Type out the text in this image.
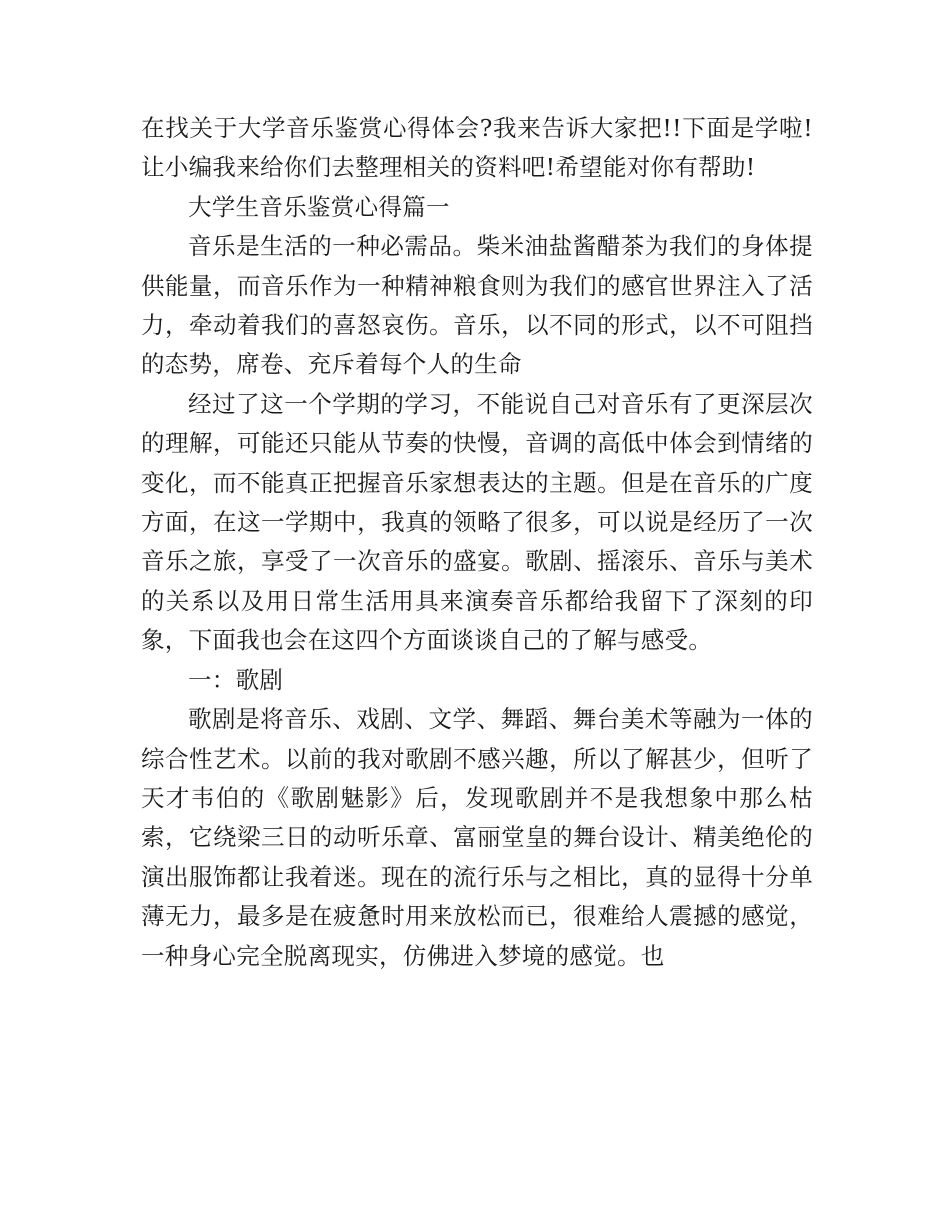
在找关于大学音乐鉴赏心得体会?我来告诉大家把!!下面是学啦!让小编我来给你们去整理相关的资料吧!希望能对你有帮助!

大学生音乐鉴赏心得篇一

音乐是生活的一种必需品。柴米油盐酱醋茶为我们的身体提供能量，而音乐作为一种精神粮食则为我们的感官世界注入了活力，牵动着我们的喜怒哀伤。音乐，以不同的形式，以不可阻挡的态势，席卷、充斥着每个人的生命

经过了这一个学期的学习，不能说自己对音乐有了更深层次的理解，可能还只能从节奏的快慢，音调的高低中体会到情绪的变化，而不能真正把握音乐家想表达的主题。但是在音乐的广度方面，在这一学期中，我真的领略了很多，可以说是经历了一次音乐之旅，享受了一次音乐的盛宴。歌剧、摇滚乐、音乐与美术的关系以及用日常生活用具来演奏音乐都给我留下了深刻的印象，下面我也会在这四个方面谈谈自己的了解与感受。

一：歌剧

歌剧是将音乐、戏剧、文学、舞蹈、舞台美术等融为一体的综合性艺术。以前的我对歌剧不感兴趣，所以了解甚少，但听了天才韦伯的《歌剧魅影》后，发现歌剧并不是我想象中那么枯索，它绕梁三日的动听乐章、富丽堂皇的舞台设计、精美绝伦的演出服饰都让我着迷。现在的流行乐与之相比，真的显得十分单薄无力，最多是在疲惫时用来放松而已，很难给人震撼的感觉，一种身心完全脱离现实，仿佛进入梦境的感觉。也
